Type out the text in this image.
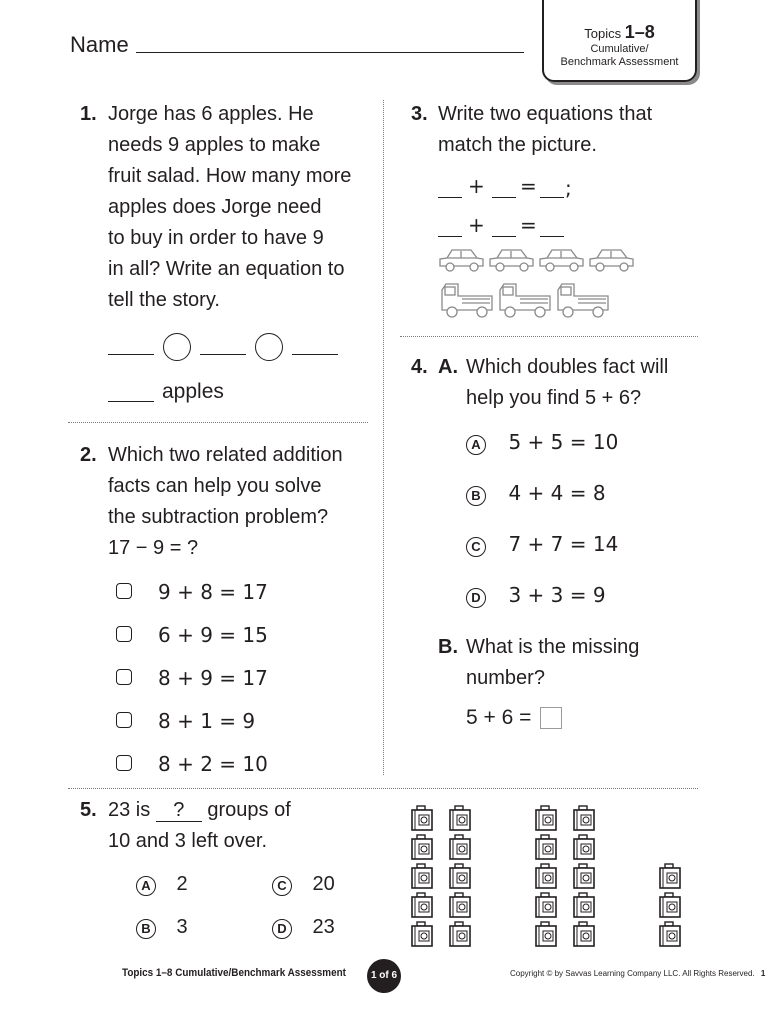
Name	Topics 1–8
Cumulative/
Benchmark Assessment
1. Jorge has 6 apples. He
needs 9 apples to make
fruit salad. How many more
apples does Jorge need
to buy in order to have 9
in all? Write an equation to
tell the story.
apples
2. Which two related addition
facts can help you solve
the subtraction problem?
17 − 9 = ?
9 + 8 = 17
6 + 9 = 15
8 + 9 = 17
8 + 1 = 9
8 + 2 = 10
3. Write two equations that
match the picture.
+ = ;
+ =
4. A. Which doubles fact will
help you find 5 + 6?
A 5 + 5 = 10
B 4 + 4 = 8
C 7 + 7 = 14
D 3 + 3 = 9
B. What is the missing
number?
5 + 6 =
5. 23 is ? groups of
10 and 3 left over.
A 2	C 20
B 3	D 23
Topics 1–8 Cumulative/Benchmark Assessment	1 of 6	Copyright © by Savvas Learning Company LLC. All Rights Reserved. 1
